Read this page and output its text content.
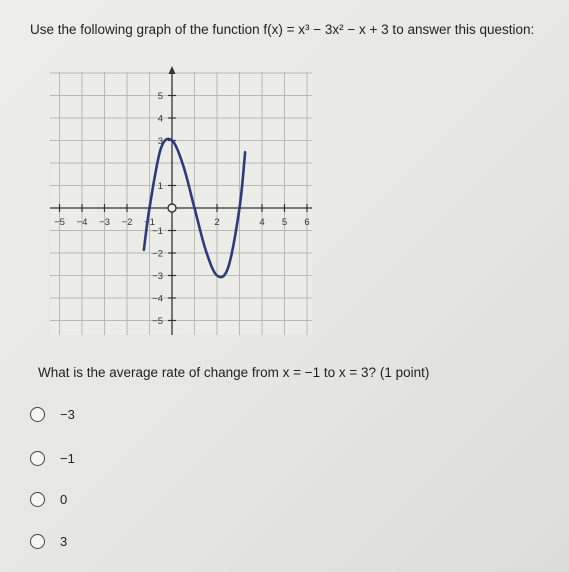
Use the following graph of the function f(x) = x³ − 3x² − x + 3 to answer this question:
−5 −4 −3 −2 −1	2	4 5 6
5
4
3
1
−1
−2
−3
−4
−5
What is the average rate of change from x = −1 to x = 3? (1 point)
−3
−1
0
3
